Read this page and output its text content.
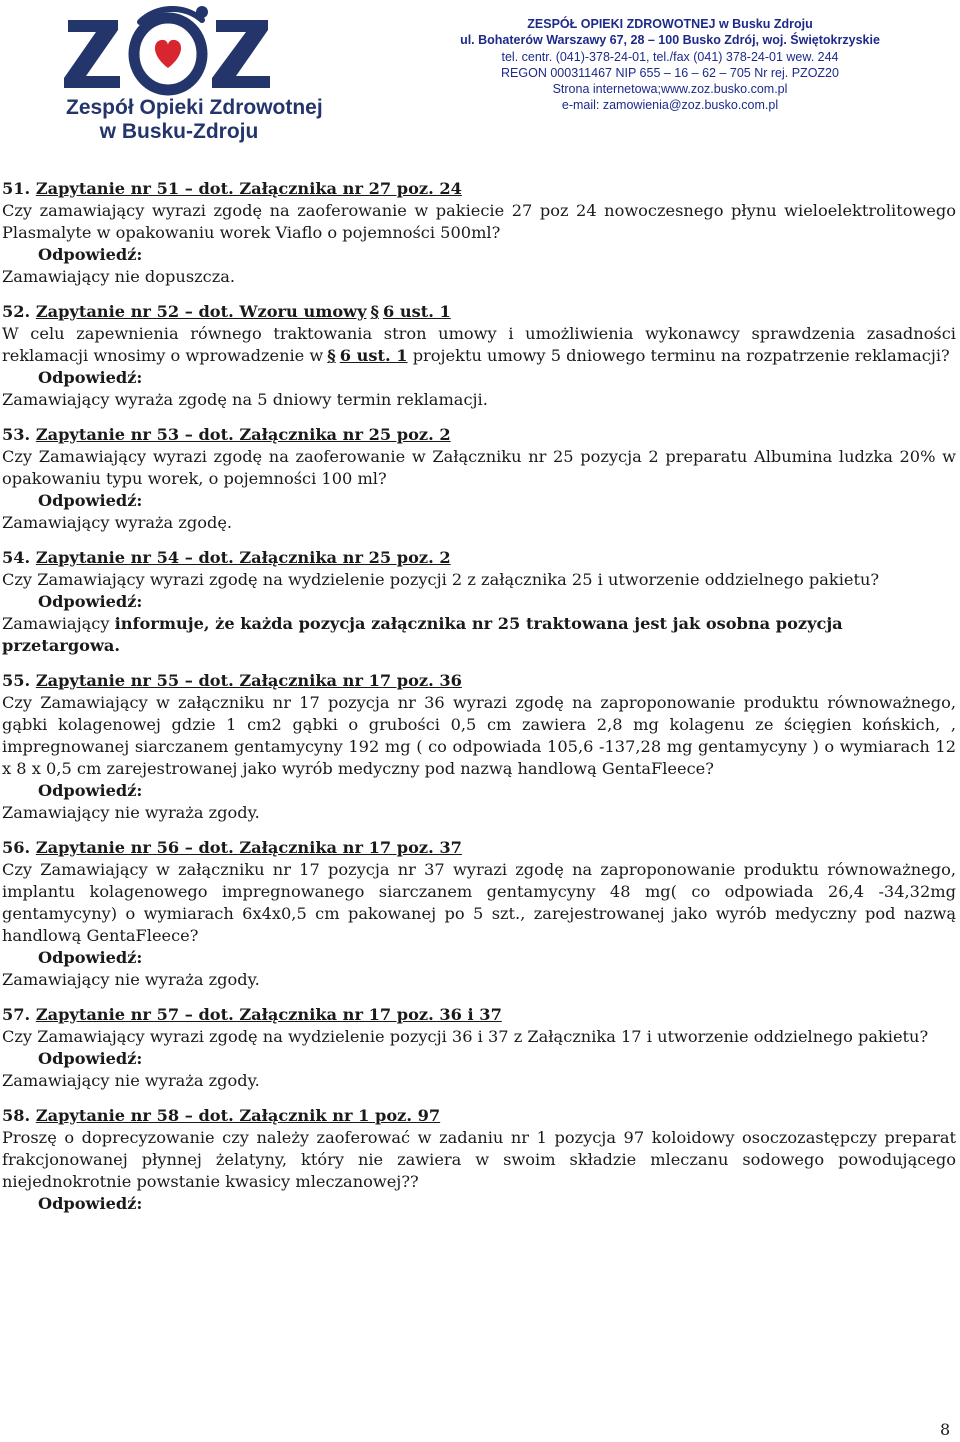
Zespół Opieki Zdrowotnej
w Busku-Zdroju
ZESPÓŁ OPIEKI ZDROWOTNEJ w Busku Zdroju
ul. Bohaterów Warszawy 67, 28 – 100 Busko Zdrój, woj. Świętokrzyskie
tel. centr. (041)-378-24-01, tel./fax (041) 378-24-01 wew. 244
REGON 000311467 NIP 655 – 16 – 62 – 705 Nr rej. PZOZ20
Strona internetowa;www.zoz.busko.com.pl
e-mail: zamowienia@zoz.busko.com.pl
51. Zapytanie nr 51 – dot. Załącznika nr 27 poz. 24
Czy zamawiający wyrazi zgodę na zaoferowanie w pakiecie 27 poz 24 nowoczesnego płynu wieloelektrolitowego Plasmalyte w opakowaniu worek Viaflo o pojemności 500ml?
Odpowiedź:
Zamawiający nie dopuszcza.
52. Zapytanie nr 52 – dot. Wzoru umowy § 6 ust. 1
W celu zapewnienia równego traktowania stron umowy i umożliwienia wykonawcy sprawdzenia zasadności reklamacji wnosimy o wprowadzenie w § 6 ust. 1 projektu umowy 5 dniowego terminu na rozpatrzenie reklamacji?
Odpowiedź:
Zamawiający wyraża zgodę na 5 dniowy termin reklamacji.
53. Zapytanie nr 53 – dot. Załącznika nr 25 poz. 2
Czy Zamawiający wyrazi zgodę na zaoferowanie w Załączniku nr 25 pozycja 2 preparatu Albumina ludzka 20% w opakowaniu typu worek, o pojemności 100 ml?
Odpowiedź:
Zamawiający wyraża zgodę.
54. Zapytanie nr 54 – dot. Załącznika nr 25 poz. 2
Czy Zamawiający wyrazi zgodę na wydzielenie pozycji 2 z załącznika 25 i utworzenie oddzielnego pakietu?
Odpowiedź:
Zamawiający informuje, że każda pozycja załącznika nr 25 traktowana jest jak osobna pozycja przetargowa.
55. Zapytanie nr 55 – dot. Załącznika nr 17 poz. 36
Czy Zamawiający w załączniku nr 17 pozycja nr 36 wyrazi zgodę na zaproponowanie produktu równoważnego, gąbki kolagenowej gdzie 1 cm2 gąbki o grubości 0,5 cm zawiera 2,8 mg kolagenu ze ścięgien końskich, , impregnowanej siarczanem gentamycyny 192 mg ( co odpowiada 105,6 -137,28 mg gentamycyny ) o wymiarach 12 x 8 x 0,5 cm zarejestrowanej jako wyrób medyczny pod nazwą handlową GentaFleece?
Odpowiedź:
Zamawiający nie wyraża zgody.
56. Zapytanie nr 56 – dot. Załącznika nr 17 poz. 37
Czy Zamawiający w załączniku nr 17 pozycja nr 37 wyrazi zgodę na zaproponowanie produktu równoważnego, implantu kolagenowego impregnowanego siarczanem gentamycyny 48 mg( co odpowiada 26,4 -34,32mg gentamycyny) o wymiarach 6x4x0,5 cm pakowanej po 5 szt., zarejestrowanej jako wyrób medyczny pod nazwą handlową GentaFleece?
Odpowiedź:
Zamawiający nie wyraża zgody.
57. Zapytanie nr 57 – dot. Załącznika nr 17 poz. 36 i 37
Czy Zamawiający wyrazi zgodę na wydzielenie pozycji 36 i 37 z Załącznika 17 i utworzenie oddzielnego pakietu?
Odpowiedź:
Zamawiający nie wyraża zgody.
58. Zapytanie nr 58 – dot. Załącznik nr 1 poz. 97
Proszę o doprecyzowanie czy należy zaoferować w zadaniu nr 1 pozycja 97 koloidowy osoczozastępczy preparat frakcjonowanej płynnej żelatyny, który nie zawiera w swoim składzie mleczanu sodowego powodującego niejednokrotnie powstanie kwasicy mleczanowej??
Odpowiedź:
8
